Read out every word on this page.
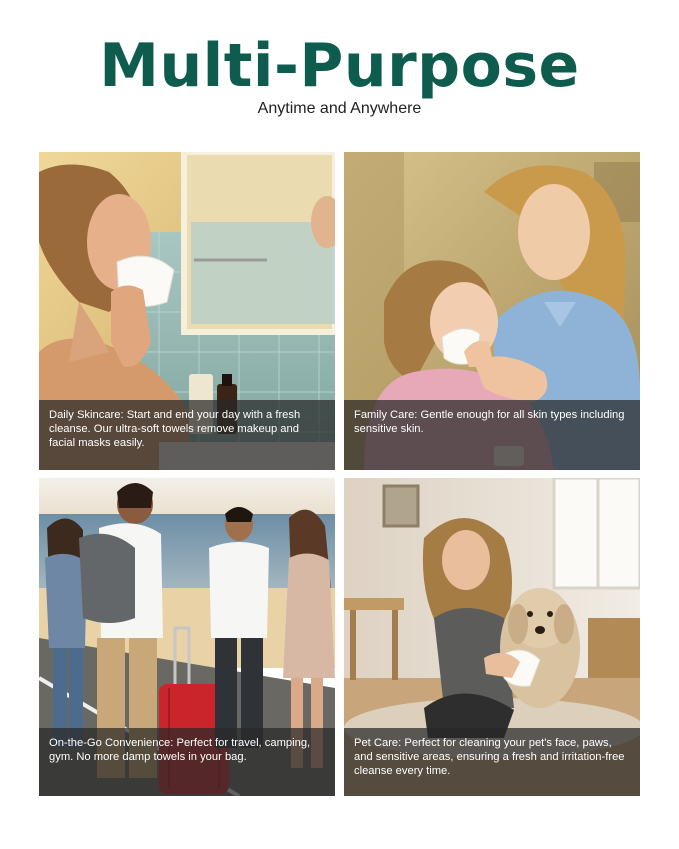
Multi-Purpose

Anytime and Anywhere

Daily Skincare: Start and end your day with a fresh cleanse. Our ultra-soft towels remove makeup and facial masks easily.
Family Care: Gentle enough for all skin types including sensitive skin.
On-the-Go Convenience: Perfect for travel, camping, gym. No more damp towels in your bag.
Pet Care: Perfect for cleaning your pet's face, paws, and sensitive areas, ensuring a fresh and irritation-free cleanse every time.
